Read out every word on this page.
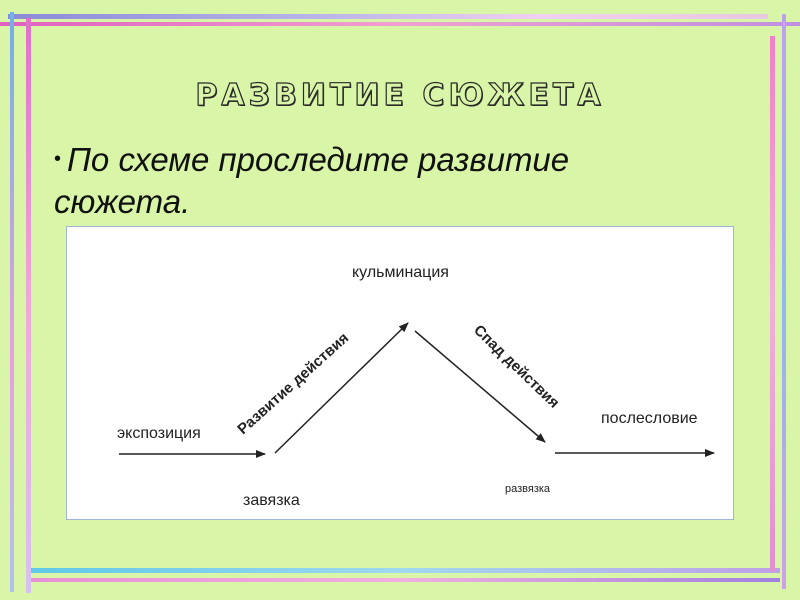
РАЗВИТИЕ СЮЖЕТА
• По схеме проследите развитие
сюжета.
экспозиция
завязка
кульминация
развязка
послесловие
Развитие действия	Спад действия
